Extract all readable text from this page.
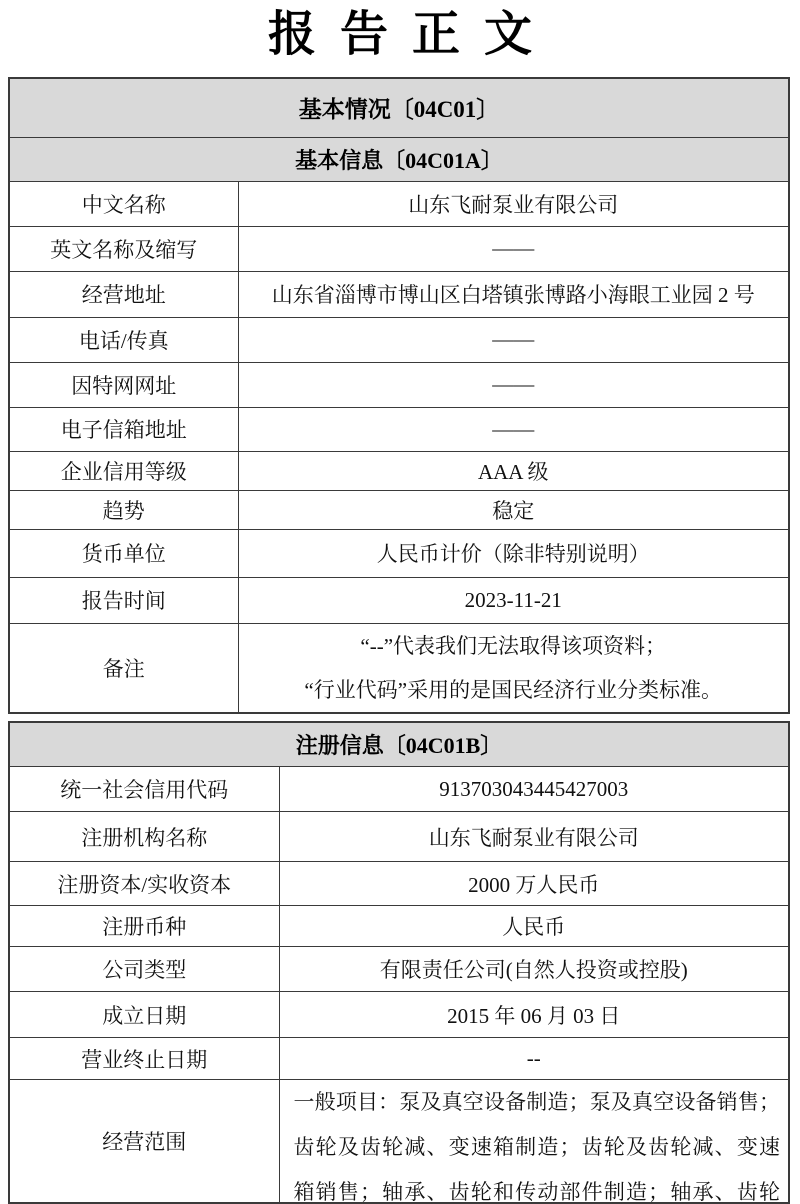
报告正文
基本情况〔04C01〕	
基本信息〔04C01A〕	
中文名称	山东飞耐泵业有限公司
英文名称及缩写	——
经营地址	山东省淄博市博山区白塔镇张博路小海眼工业园 2 号
电话/传真	——
因特网网址	——
电子信箱地址	——
企业信用等级	AAA 级
趋势	稳定
货币单位	人民币计价（除非特别说明）
报告时间	2023-11-21
备注	“--”代表我们无法取得该项资料；
“行业代码”采用的是国民经济行业分类标准。
注册信息〔04C01B〕	
统一社会信用代码	913703043445427003
注册机构名称	山东飞耐泵业有限公司
注册资本/实收资本	2000 万人民币
注册币种	人民币
公司类型	有限责任公司(自然人投资或控股)
成立日期	2015 年 06 月 03 日
营业终止日期	--
经营范围	一般项目：泵及真空设备制造；泵及真空设备销售；
齿轮及齿轮减、变速箱制造；齿轮及齿轮减、变速
箱销售；轴承、齿轮和传动部件制造；轴承、齿轮
